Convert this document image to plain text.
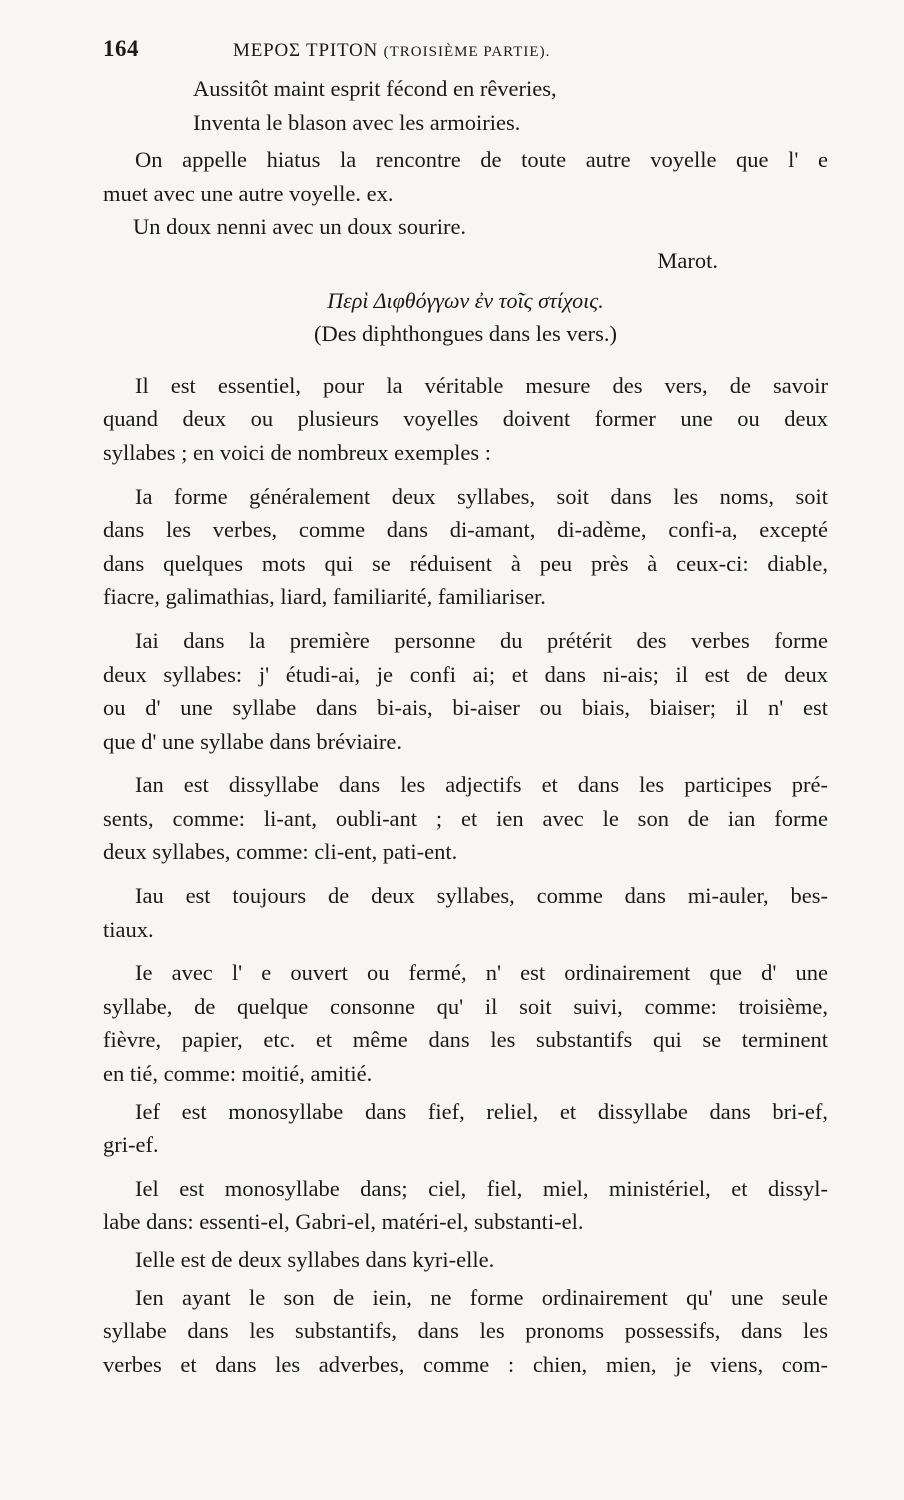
164	ΜΕΡΟΣ ΤΡΙΤΟΝ (TROISIÈME PARTIE).
Aussitôt maint esprit fécond en rêveries,
Inventa le blason avec les armoiries.
On appelle hiatus la rencontre de toute autre voyelle que l' e
muet avec une autre voyelle. ex.
Un doux nenni avec un doux sourire.
Marot.
Περὶ Διφθόγγων ἐν τοῖς στίχοις.
(Des diphthongues dans les vers.)
Il est essentiel, pour la véritable mesure des vers, de savoir
quand deux ou plusieurs voyelles doivent former une ou deux
syllabes ; en voici de nombreux exemples :
Ia forme généralement deux syllabes, soit dans les noms, soit
dans les verbes, comme dans di-amant, di-adème, confi-a, excepté
dans quelques mots qui se réduisent à peu près à ceux-ci: diable,
fiacre, galimathias, liard, familiarité, familiariser.
Iai dans la première personne du prétérit des verbes forme
deux syllabes: j' étudi-ai, je confi ai; et dans ni-ais; il est de deux
ou d' une syllabe dans bi-ais, bi-aiser ou biais, biaiser; il n' est
que d' une syllabe dans bréviaire.
Ian est dissyllabe dans les adjectifs et dans les participes pré-
sents, comme: li-ant, oubli-ant ; et ien avec le son de ian forme
deux syllabes, comme: cli-ent, pati-ent.
Iau est toujours de deux syllabes, comme dans mi-auler, bes-
tiaux.
Ie avec l' e ouvert ou fermé, n' est ordinairement que d' une
syllabe, de quelque consonne qu' il soit suivi, comme: troisième,
fièvre, papier, etc. et même dans les substantifs qui se terminent
en tié, comme: moitié, amitié.
Ief est monosyllabe dans fief, reliel, et dissyllabe dans bri-ef,
gri-ef.
Iel est monosyllabe dans; ciel, fiel, miel, ministériel, et dissyl-
labe dans: essenti-el, Gabri-el, matéri-el, substanti-el.
Ielle est de deux syllabes dans kyri-elle.
Ien ayant le son de iein, ne forme ordinairement qu' une seule
syllabe dans les substantifs, dans les pronoms possessifs, dans les
verbes et dans les adverbes, comme : chien, mien, je viens, com-
